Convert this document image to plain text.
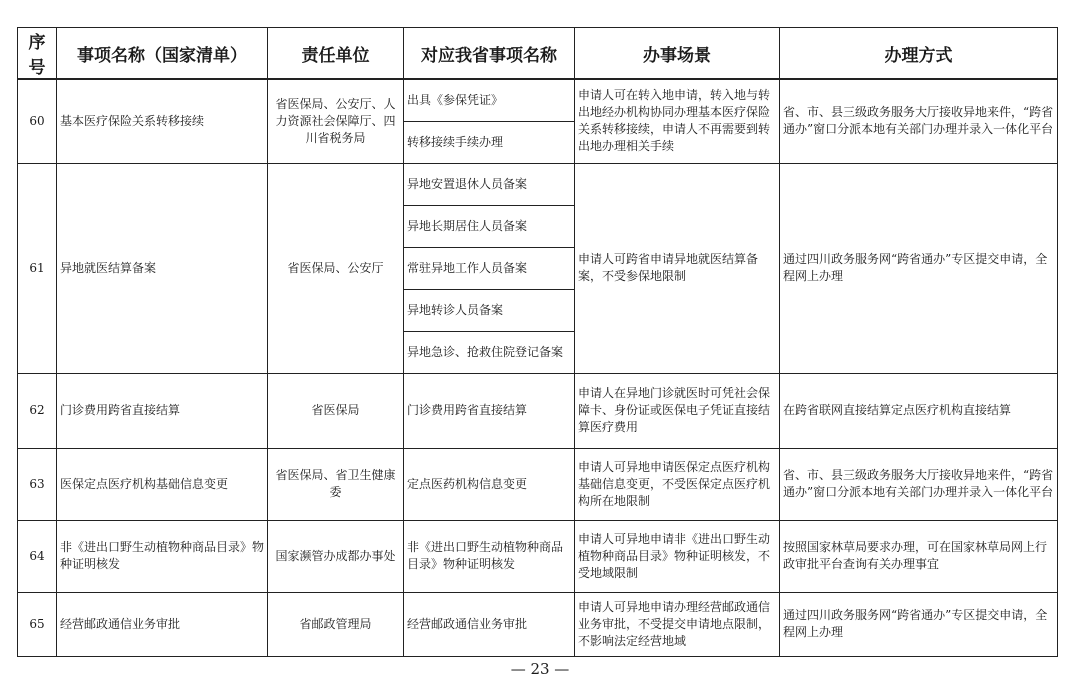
序号	事项名称（国家清单）	责任单位	对应我省事项名称	办事场景	办理方式
60	基本医疗保险关系转移接续	省医保局、公安厅、人力资源社会保障厅、四川省税务局	出具《参保凭证》	申请人可在转入地申请，转入地与转出地经办机构协同办理基本医疗保险关系转移接续，申请人不再需要到转出地办理相关手续	省、市、县三级政务服务大厅接收异地来件，“跨省通办”窗口分派本地有关部门办理并录入一体化平台
			转移接续手续办理		
61	异地就医结算备案	省医保局、公安厅	异地安置退休人员备案	申请人可跨省申请异地就医结算备案，不受参保地限制	通过四川政务服务网“跨省通办”专区提交申请，全程网上办理
			异地长期居住人员备案		
			常驻异地工作人员备案		
			异地转诊人员备案		
			异地急诊、抢救住院登记备案		
62	门诊费用跨省直接结算	省医保局	门诊费用跨省直接结算	申请人在异地门诊就医时可凭社会保障卡、身份证或医保电子凭证直接结算医疗费用	在跨省联网直接结算定点医疗机构直接结算
63	医保定点医疗机构基础信息变更	省医保局、省卫生健康委	定点医药机构信息变更	申请人可异地申请医保定点医疗机构基础信息变更，不受医保定点医疗机构所在地限制	省、市、县三级政务服务大厅接收异地来件，“跨省通办”窗口分派本地有关部门办理并录入一体化平台
64	非《进出口野生动植物种商品目录》物种证明核发	国家濒管办成都办事处	非《进出口野生动植物种商品目录》物种证明核发	申请人可异地申请非《进出口野生动植物种商品目录》物种证明核发，不受地域限制	按照国家林草局要求办理，可在国家林草局网上行政审批平台查询有关办理事宜
65	经营邮政通信业务审批	省邮政管理局	经营邮政通信业务审批	申请人可异地申请办理经营邮政通信业务审批，不受提交申请地点限制，不影响法定经营地域	通过四川政务服务网“跨省通办”专区提交申请，全程网上办理
— 23 —
